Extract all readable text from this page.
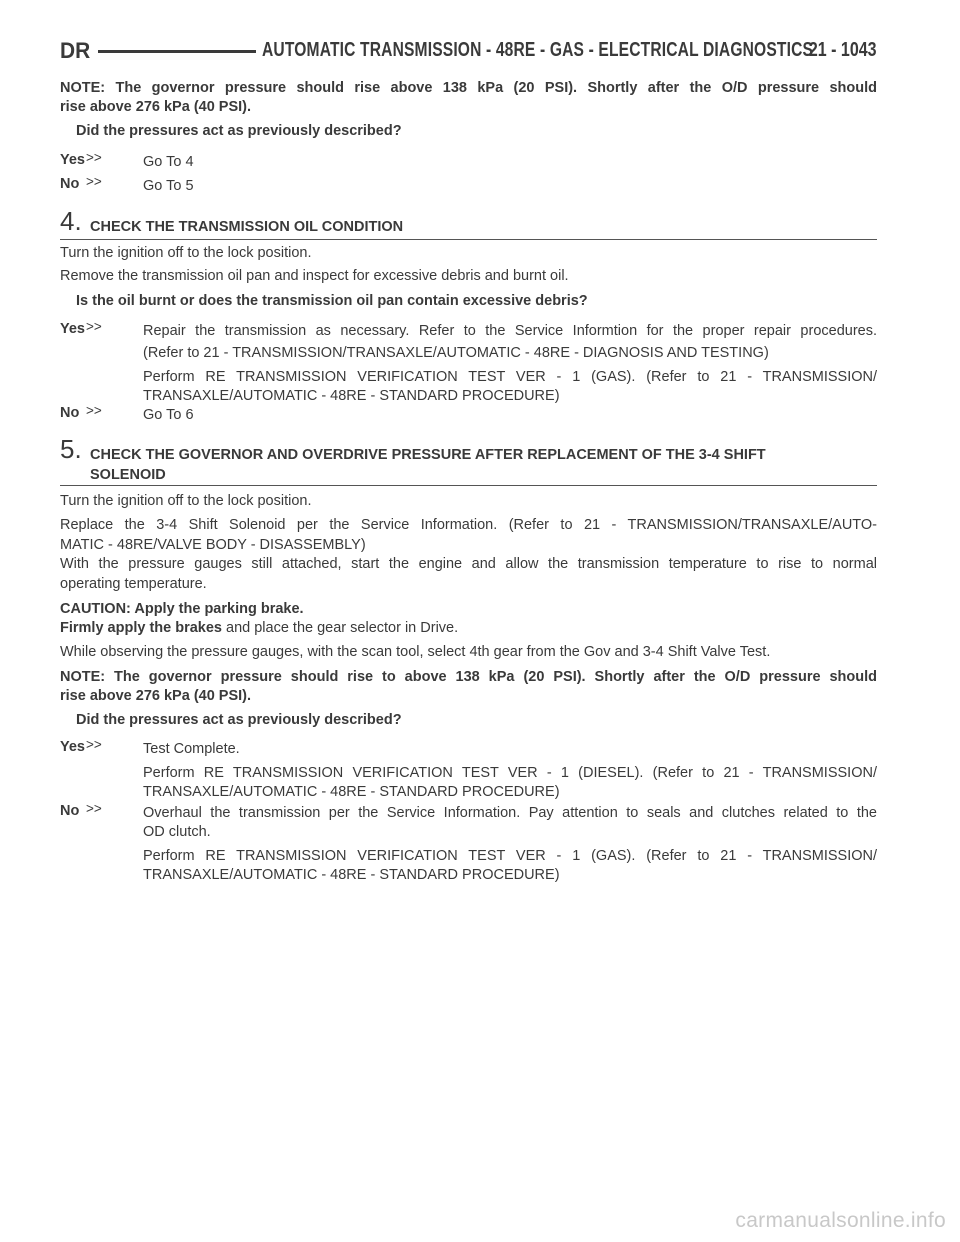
DR	AUTOMATIC TRANSMISSION - 48RE - GAS - ELECTRICAL DIAGNOSTICS
21 - 1043
NOTE: The governor pressure should rise above 138 kPa (20 PSI). Shortly after the O/D pressure should
rise above 276 kPa (40 PSI).
Did the pressures act as previously described?
Yes >>	Go To 4
No >>	Go To 5
4. CHECK THE TRANSMISSION OIL CONDITION
Turn the ignition off to the lock position.
Remove the transmission oil pan and inspect for excessive debris and burnt oil.
Is the oil burnt or does the transmission oil pan contain excessive debris?
Yes >>	Repair the transmission as necessary. Refer to the Service Informtion for the proper repair procedures.
(Refer to 21 - TRANSMISSION/TRANSAXLE/AUTOMATIC - 48RE - DIAGNOSIS AND TESTING)
Perform RE TRANSMISSION VERIFICATION TEST VER - 1 (GAS). (Refer to 21 - TRANSMISSION/
TRANSAXLE/AUTOMATIC - 48RE - STANDARD PROCEDURE)
No >>	Go To 6
5. CHECK THE GOVERNOR AND OVERDRIVE PRESSURE AFTER REPLACEMENT OF THE 3-4 SHIFT
SOLENOID
Turn the ignition off to the lock position.
Replace the 3-4 Shift Solenoid per the Service Information. (Refer to 21 - TRANSMISSION/TRANSAXLE/AUTO-
MATIC - 48RE/VALVE BODY - DISASSEMBLY)
With the pressure gauges still attached, start the engine and allow the transmission temperature to rise to normal
operating temperature.
CAUTION: Apply the parking brake.
Firmly apply the brakes and place the gear selector in Drive.
While observing the pressure gauges, with the scan tool, select 4th gear from the Gov and 3-4 Shift Valve Test.
NOTE: The governor pressure should rise to above 138 kPa (20 PSI). Shortly after the O/D pressure should
rise above 276 kPa (40 PSI).
Did the pressures act as previously described?
Yes >>	Test Complete.
Perform RE TRANSMISSION VERIFICATION TEST VER - 1 (DIESEL). (Refer to 21 - TRANSMISSION/
TRANSAXLE/AUTOMATIC - 48RE - STANDARD PROCEDURE)
No >>	Overhaul the transmission per the Service Information. Pay attention to seals and clutches related to the
OD clutch.
Perform RE TRANSMISSION VERIFICATION TEST VER - 1 (GAS). (Refer to 21 - TRANSMISSION/
TRANSAXLE/AUTOMATIC - 48RE - STANDARD PROCEDURE)
carmanualsonline.info
